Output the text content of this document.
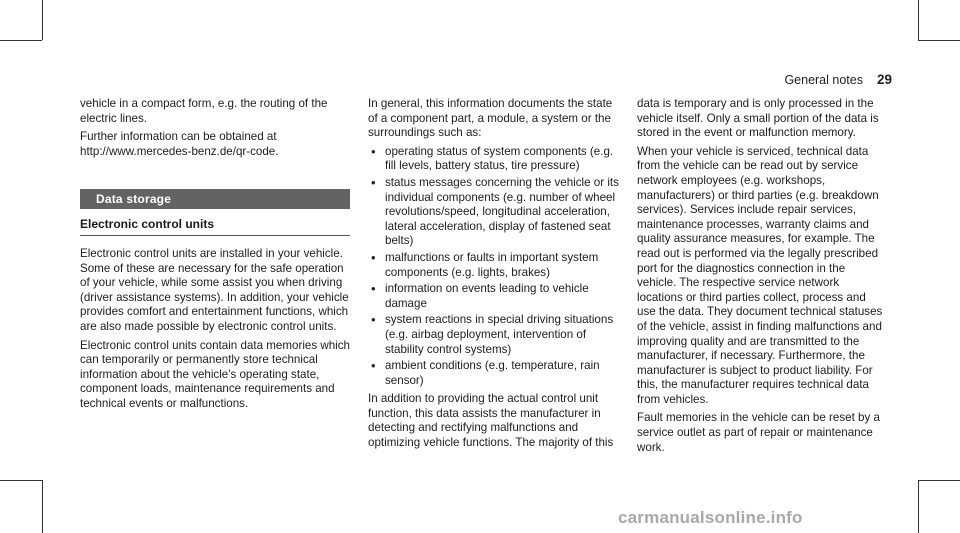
General notes 29

vehicle in a compact form, e.g. the routing of the electric lines.

Further information can be obtained at http://www.mercedes-benz.de/qr-code.

Data storage
Electronic control units

Electronic control units are installed in your vehicle. Some of these are necessary for the safe operation of your vehicle, while some assist you when driving (driver assistance systems). In addition, your vehicle provides comfort and entertainment functions, which are also made possible by electronic control units.

Electronic control units contain data memories which can temporarily or permanently store technical information about the vehicle's operating state, component loads, maintenance requirements and technical events or malfunctions.

In general, this information documents the state of a component part, a module, a system or the surroundings such as:

• operating status of system components (e.g. fill levels, battery status, tire pressure)
• status messages concerning the vehicle or its individual components (e.g. number of wheel revolutions/speed, longitudinal acceleration, lateral acceleration, display of fastened seat belts)
• malfunctions or faults in important system components (e.g. lights, brakes)
• information on events leading to vehicle damage
• system reactions in special driving situations (e.g. airbag deployment, intervention of stability control systems)
• ambient conditions (e.g. temperature, rain sensor)

In addition to providing the actual control unit function, this data assists the manufacturer in detecting and rectifying malfunctions and optimizing vehicle functions. The majority of this

data is temporary and is only processed in the vehicle itself. Only a small portion of the data is stored in the event or malfunction memory.

When your vehicle is serviced, technical data from the vehicle can be read out by service network employees (e.g. workshops, manufacturers) or third parties (e.g. breakdown services). Services include repair services, maintenance processes, warranty claims and quality assurance measures, for example. The read out is performed via the legally prescribed port for the diagnostics connection in the vehicle. The respective service network locations or third parties collect, process and use the data. They document technical statuses of the vehicle, assist in finding malfunctions and improving quality and are transmitted to the manufacturer, if necessary. Furthermore, the manufacturer is subject to product liability. For this, the manufacturer requires technical data from vehicles.

Fault memories in the vehicle can be reset by a service outlet as part of repair or maintenance work.

carmanualsonline.info
